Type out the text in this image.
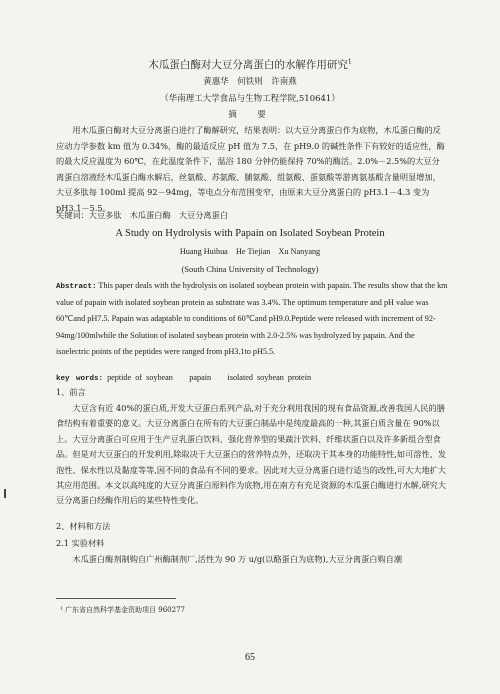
木瓜蛋白酶对大豆分离蛋白的水解作用研究$^1$
黄惠华　何铁则　许南燕
（华南理工大学食品与生物工程学院,510641）
摘　要
用木瓜蛋白酶对大豆分离蛋白进行了酶解研究，结果表明：以大豆分离蛋白作为底物，木瓜蛋白酶的反应动力学参数 km 值为 0.34%，酶的最适反应 pH 值为 7.5，在 pH9.0 的碱性条件下有较好的适应性，酶的最大反应温度为 60℃，在此温度条件下，温浴 180 分钟仍能保持 70%的酶活。2.0%－2.5%的大豆分离蛋白溶液经木瓜蛋白酶水解后，丝氨酸、苏氨酸、脯氨酸、组氨酸、蛋氨酸等游离氨基酸含量明显增加，大豆多肽每 100ml 提高 92－94mg，等电点分布范围变窄，由原来大豆分离蛋白的 pH3.1－4.3 变为 pH3.1－5.5。
关键词：大豆多肽　木瓜蛋白酶　大豆分离蛋白
A Study on Hydrolysis with Papain on Isolated Soybean Protein
Huang Huihua　He Tiejian　Xu Nanyang
(South China University of Technology)
Abstract: This paper deals with the hydrolysis on isolated soybean protein with papain. The results show that the km value of papain with isolated soybean protein as substrate was 3.4%. The optimum temperature and pH value was 60℃and pH7.5. Papain was adaptable to conditions of 60℃and pH9.0.Peptide were released with increment of 92-94mg/100mlwhile the Solution of isolated soybean protein with 2.0-2.5% was hydrolyzed by papain. And the isoelectric points of the peptides were ranged from pH3.1to pH5.5.
key words: peptide of soybean　　papain　　isolated soybean protein
1、前言
大豆含有近 40%的蛋白质,开发大豆蛋白系列产品,对于充分利用我国的现有食品资源,改善我国人民的膳食结构有着重要的意义。大豆分离蛋白在所有的大豆蛋白制品中是纯度最高的一种,其蛋白质含量在 90%以上。大豆分离蛋白可应用于生产豆乳蛋白饮料、强化营养型的果蔬汁饮料、纤维状蛋白以及许多新组合型食品。但是对大豆蛋白的开发利用,除取决于大豆蛋白的营养特点外，还取决于其本身的功能特性,如可溶性、发泡性、保水性以及黏度等等,因不同的食品有不同的要求。因此对大豆分离蛋白进行适当的改性,可大大地扩大其应用范围。本文以高纯度的大豆分离蛋白原料作为底物,用在南方有充足资源的木瓜蛋白酶进行水解,研究大豆分离蛋白经酶作用后的某些特性变化。
2、材料和方法
2.1 实验材料
木瓜蛋白酶剂制购自广州酶制剂厂,活性为 90 万 u/g(以酪蛋白为底物),大豆分离蛋白购自潮
¹ 广东省自然科学基金资助项目 960277
65
